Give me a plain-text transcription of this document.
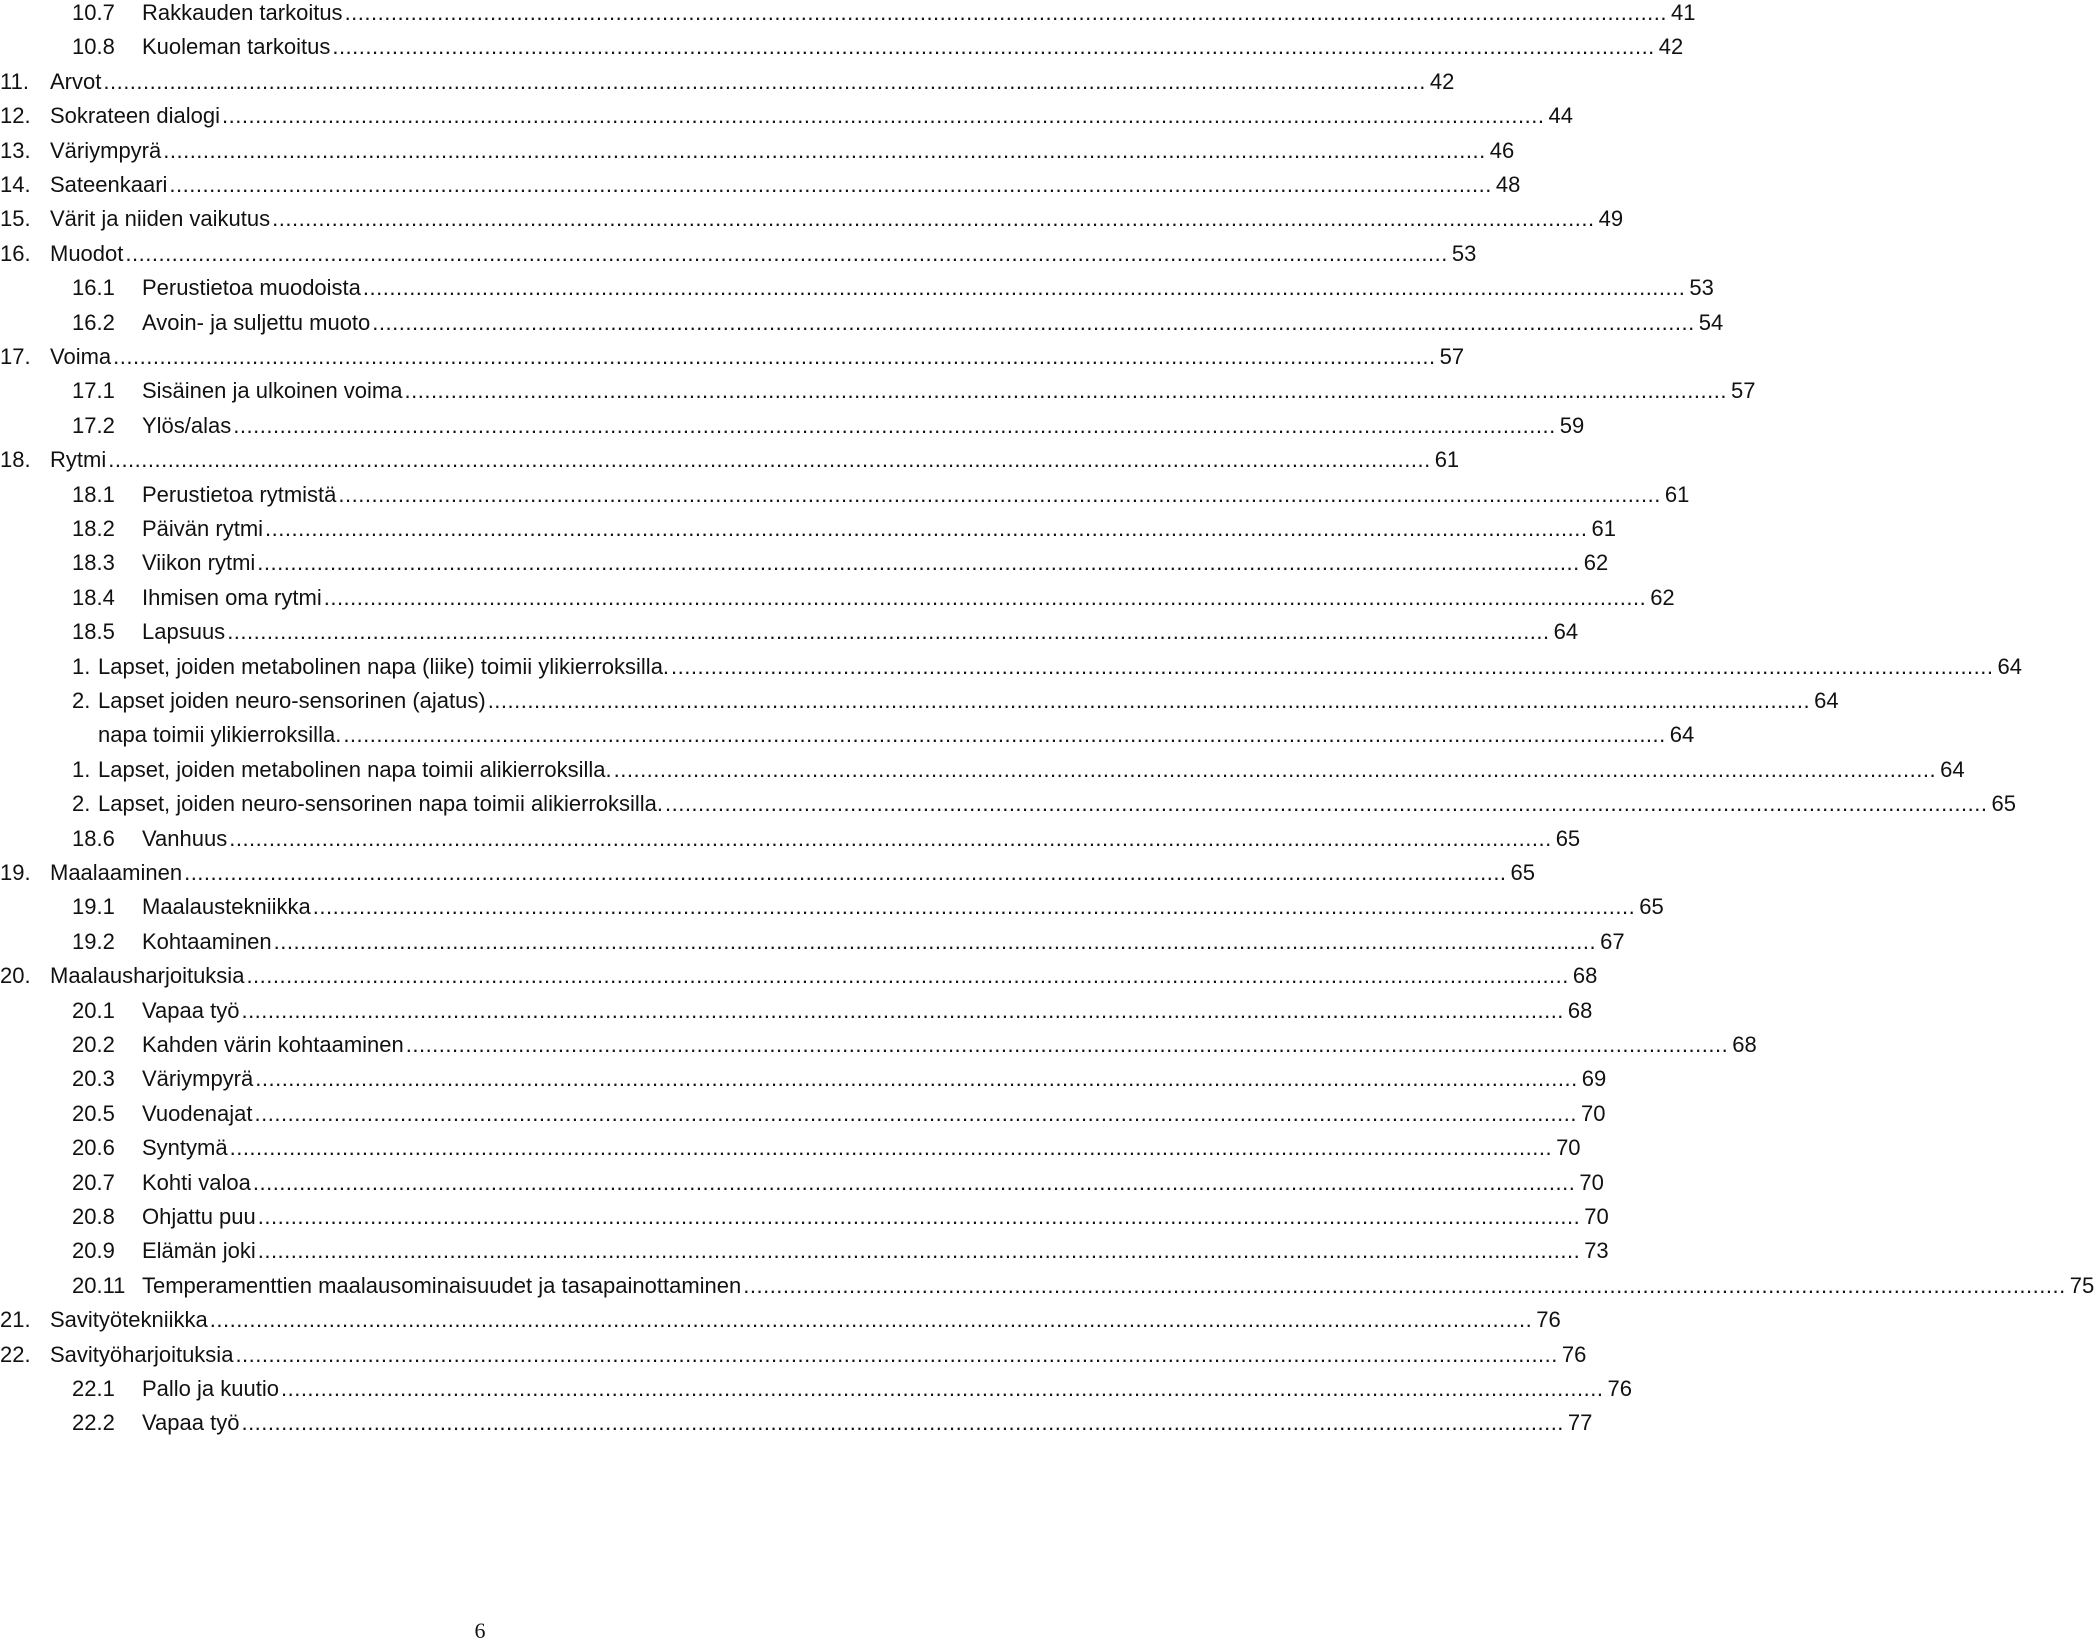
10.7	Rakkauden tarkoitus ........................................................................................................................................................................................................ 41
10.8	Kuoleman tarkoitus ........................................................................................................................................................................................................ 42
11. Arvot ........................................................................................................................................................................................................ 42
12. Sokrateen dialogi ........................................................................................................................................................................................................ 44
13. Väriympyrä ........................................................................................................................................................................................................ 46
14. Sateenkaari ........................................................................................................................................................................................................ 48
15. Värit ja niiden vaikutus ........................................................................................................................................................................................................ 49
16. Muodot ........................................................................................................................................................................................................ 53
16.1	Perustietoa muodoista ........................................................................................................................................................................................................ 53
16.2	Avoin- ja suljettu muoto ........................................................................................................................................................................................................ 54
17. Voima ........................................................................................................................................................................................................ 57
17.1	Sisäinen ja ulkoinen voima ........................................................................................................................................................................................................ 57
17.2	Ylös/alas ........................................................................................................................................................................................................ 59
18. Rytmi ........................................................................................................................................................................................................ 61
18.1	Perustietoa rytmistä ........................................................................................................................................................................................................ 61
18.2	Päivän rytmi ........................................................................................................................................................................................................ 61
18.3	Viikon rytmi ........................................................................................................................................................................................................ 62
18.4	Ihmisen oma rytmi ........................................................................................................................................................................................................ 62
18.5	Lapsuus ........................................................................................................................................................................................................ 64
1. Lapset, joiden metabolinen napa (liike) toimii ylikierroksilla. ........................................................................................................................................................................................................ 64
2. Lapset joiden neuro-sensorinen (ajatus) ........................................................................................................................................................................................................ 64
napa toimii ylikierroksilla. ........................................................................................................................................................................................................ 64
1. Lapset, joiden metabolinen napa toimii alikierroksilla. ........................................................................................................................................................................................................ 64
2. Lapset, joiden neuro-sensorinen napa toimii alikierroksilla. ........................................................................................................................................................................................................ 65
18.6	Vanhuus ........................................................................................................................................................................................................ 65
19. Maalaaminen ........................................................................................................................................................................................................ 65
19.1	Maalaustekniikka ........................................................................................................................................................................................................ 65
19.2	Kohtaaminen ........................................................................................................................................................................................................ 67
20. Maalausharjoituksia ........................................................................................................................................................................................................ 68
20.1	Vapaa työ ........................................................................................................................................................................................................ 68
20.2	Kahden värin kohtaaminen ........................................................................................................................................................................................................ 68
20.3	Väriympyrä ........................................................................................................................................................................................................ 69
20.5	Vuodenajat ........................................................................................................................................................................................................ 70
20.6	Syntymä ........................................................................................................................................................................................................ 70
20.7	Kohti valoa ........................................................................................................................................................................................................ 70
20.8	Ohjattu puu ........................................................................................................................................................................................................ 70
20.9	Elämän joki ........................................................................................................................................................................................................ 73
20.11 Temperamenttien maalausominaisuudet ja tasapainottaminen ........................................................................................................................................................................................................ 75
21. Savityötekniikka ........................................................................................................................................................................................................ 76
22. Savityöharjoituksia ........................................................................................................................................................................................................ 76
22.1	Pallo ja kuutio ........................................................................................................................................................................................................ 76
22.2	Vapaa työ ........................................................................................................................................................................................................ 77
6
